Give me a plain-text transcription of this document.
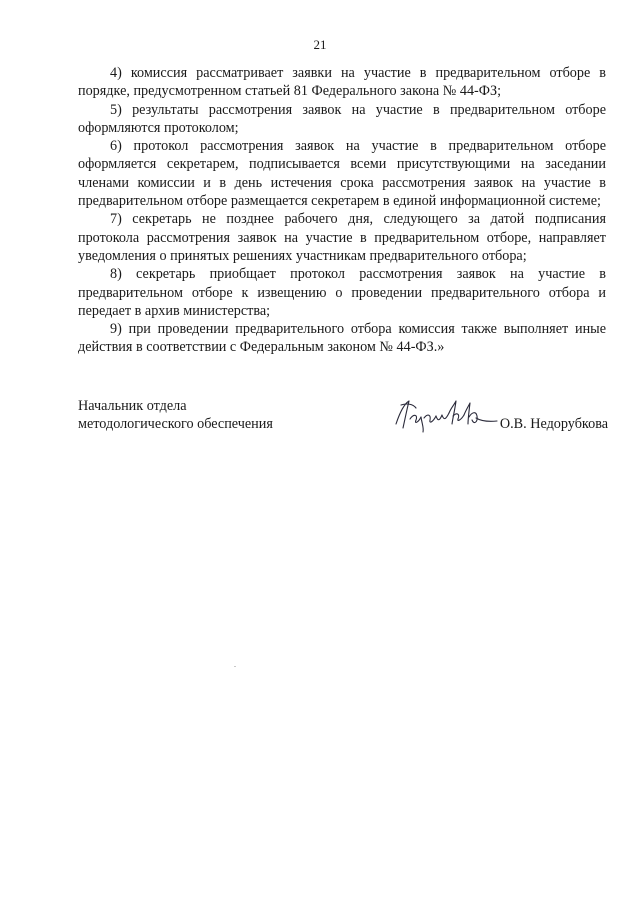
21

4) комиссия рассматривает заявки на участие в предварительном отборе в порядке, предусмотренном статьей 81 Федерального закона № 44-ФЗ;

5) результаты рассмотрения заявок на участие в предварительном отборе оформляются протоколом;

6) протокол рассмотрения заявок на участие в предварительном отборе оформляется секретарем, подписывается всеми присутствующими на заседании членами комиссии и в день истечения срока рассмотрения заявок на участие в предварительном отборе размещается секретарем в единой информационной системе;

7) секретарь не позднее рабочего дня, следующего за датой подписания протокола рассмотрения заявок на участие в предварительном отборе, направляет уведомления о принятых решениях участникам предварительного отбора;

8) секретарь приобщает протокол рассмотрения заявок на участие в предварительном отборе к извещению о проведении предварительного отбора и передает в архив министерства;

9) при проведении предварительного отбора комиссия также выполняет иные действия в соответствии с Федеральным законом № 44-ФЗ.»

Начальник отдела
методологического обеспечения	О.В. Недорубкова
